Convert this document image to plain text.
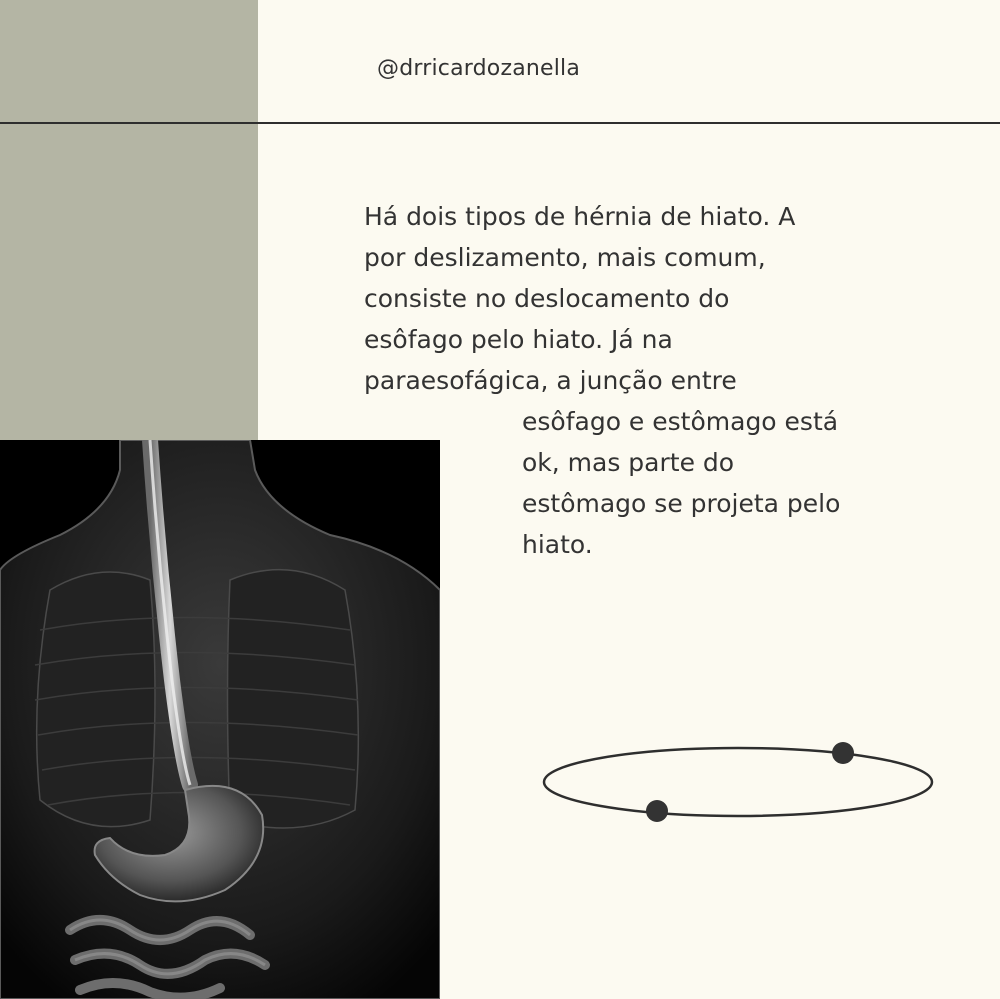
@drricardozanella
Há dois tipos de hérnia de hiato. A
por deslizamento, mais comum,
consiste no deslocamento do
esôfago pelo hiato. Já na
paraesofágica, a junção entre
esôfago e estômago está
ok, mas parte do
estômago se projeta pelo
hiato.
